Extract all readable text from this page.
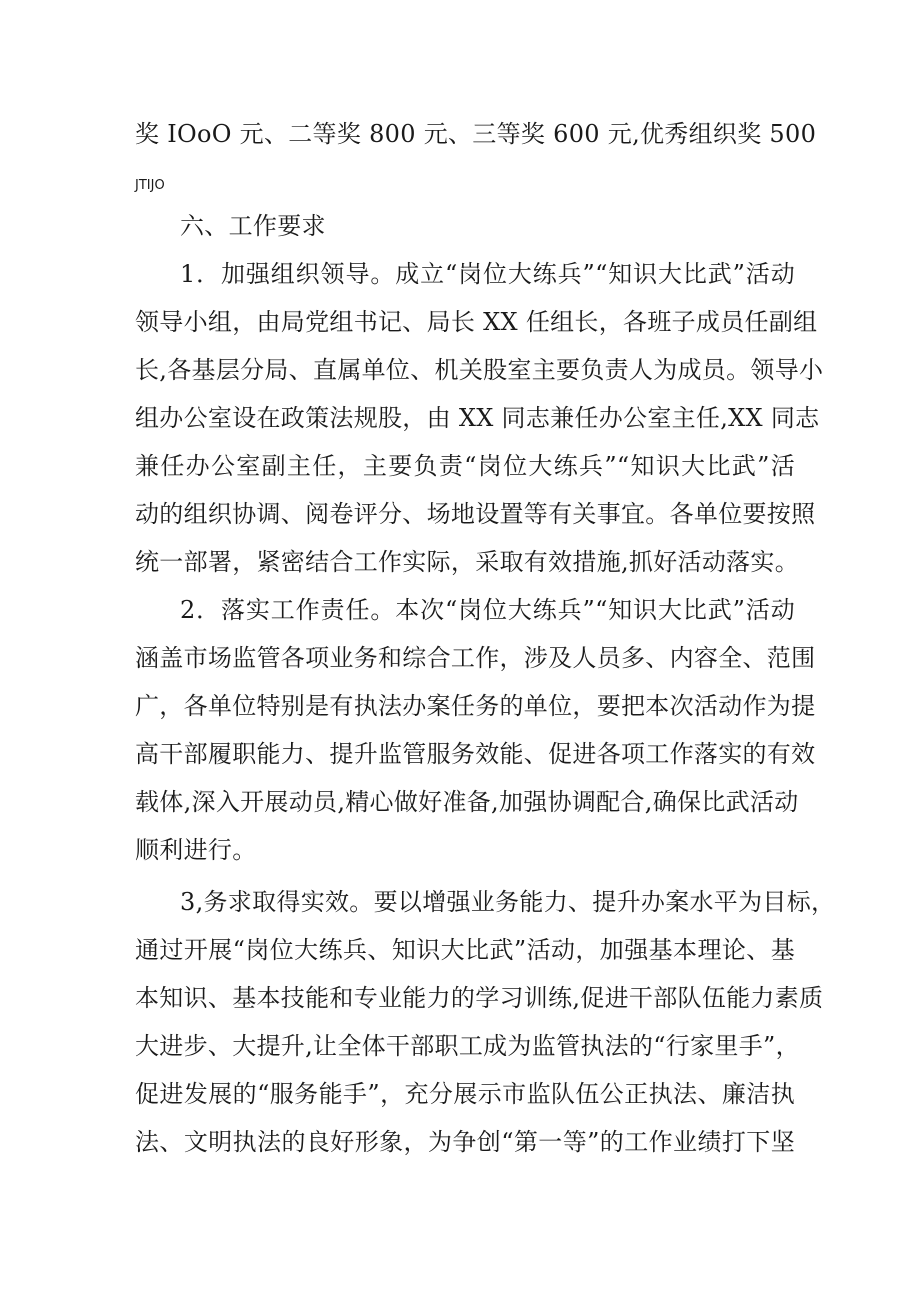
奖 IOoO 元、二等奖 800 元、三等奖 600 元,优秀组织奖 500
JTIJO
六、工作要求
1．加强组织领导。成立“岗位大练兵”“知识大比武”活动
领导小组，由局党组书记、局长 XX 任组长，各班子成员任副组
长,各基层分局、直属单位、机关股室主要负责人为成员。领导小
组办公室设在政策法规股，由 XX 同志兼任办公室主任,XX 同志
兼任办公室副主任，主要负责“岗位大练兵”“知识大比武”活
动的组织协调、阅卷评分、场地设置等有关事宜。各单位要按照
统一部署，紧密结合工作实际，采取有效措施,抓好活动落实。
2．落实工作责任。本次“岗位大练兵”“知识大比武”活动
涵盖市场监管各项业务和综合工作，涉及人员多、内容全、范围
广，各单位特别是有执法办案任务的单位，要把本次活动作为提
高干部履职能力、提升监管服务效能、促进各项工作落实的有效
载体,深入开展动员,精心做好准备,加强协调配合,确保比武活动
顺利进行。
3,务求取得实效。要以增强业务能力、提升办案水平为目标，
通过开展“岗位大练兵、知识大比武”活动，加强基本理论、基
本知识、基本技能和专业能力的学习训练,促进干部队伍能力素质
大进步、大提升,让全体干部职工成为监管执法的“行家里手”，
促进发展的“服务能手”，充分展示市监队伍公正执法、廉洁执
法、文明执法的良好形象，为争创“第一等”的工作业绩打下坚
